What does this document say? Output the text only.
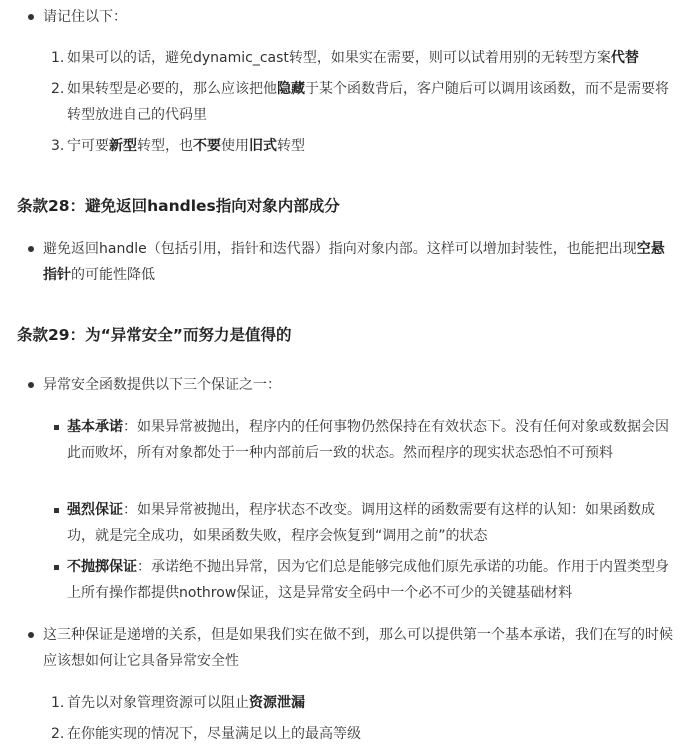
请记住以下：
1. 如果可以的话，避免dynamic_cast转型，如果实在需要，则可以试着用别的无转型方案代替
2. 如果转型是必要的，那么应该把他隐藏于某个函数背后，客户随后可以调用该函数，而不是需要将转型放进自己的代码里
3. 宁可要新型转型，也不要使用旧式转型
条款28：避免返回handles指向对象内部成分
避免返回handle（包括引用，指针和迭代器）指向对象内部。这样可以增加封装性，也能把出现空悬指针的可能性降低
条款29：为“异常安全”而努力是值得的
异常安全函数提供以下三个保证之一：
基本承诺：如果异常被抛出，程序内的任何事物仍然保持在有效状态下。没有任何对象或数据会因此而败坏，所有对象都处于一种内部前后一致的状态。然而程序的现实状态恐怕不可预料
强烈保证：如果异常被抛出，程序状态不改变。调用这样的函数需要有这样的认知：如果函数成功，就是完全成功，如果函数失败，程序会恢复到“调用之前”的状态
不抛掷保证：承诺绝不抛出异常，因为它们总是能够完成他们原先承诺的功能。作用于内置类型身上所有操作都提供nothrow保证，这是异常安全码中一个必不可少的关键基础材料
这三种保证是递增的关系，但是如果我们实在做不到，那么可以提供第一个基本承诺，我们在写的时候应该想如何让它具备异常安全性
1. 首先以对象管理资源可以阻止资源泄漏
2. 在你能实现的情况下，尽量满足以上的最高等级
